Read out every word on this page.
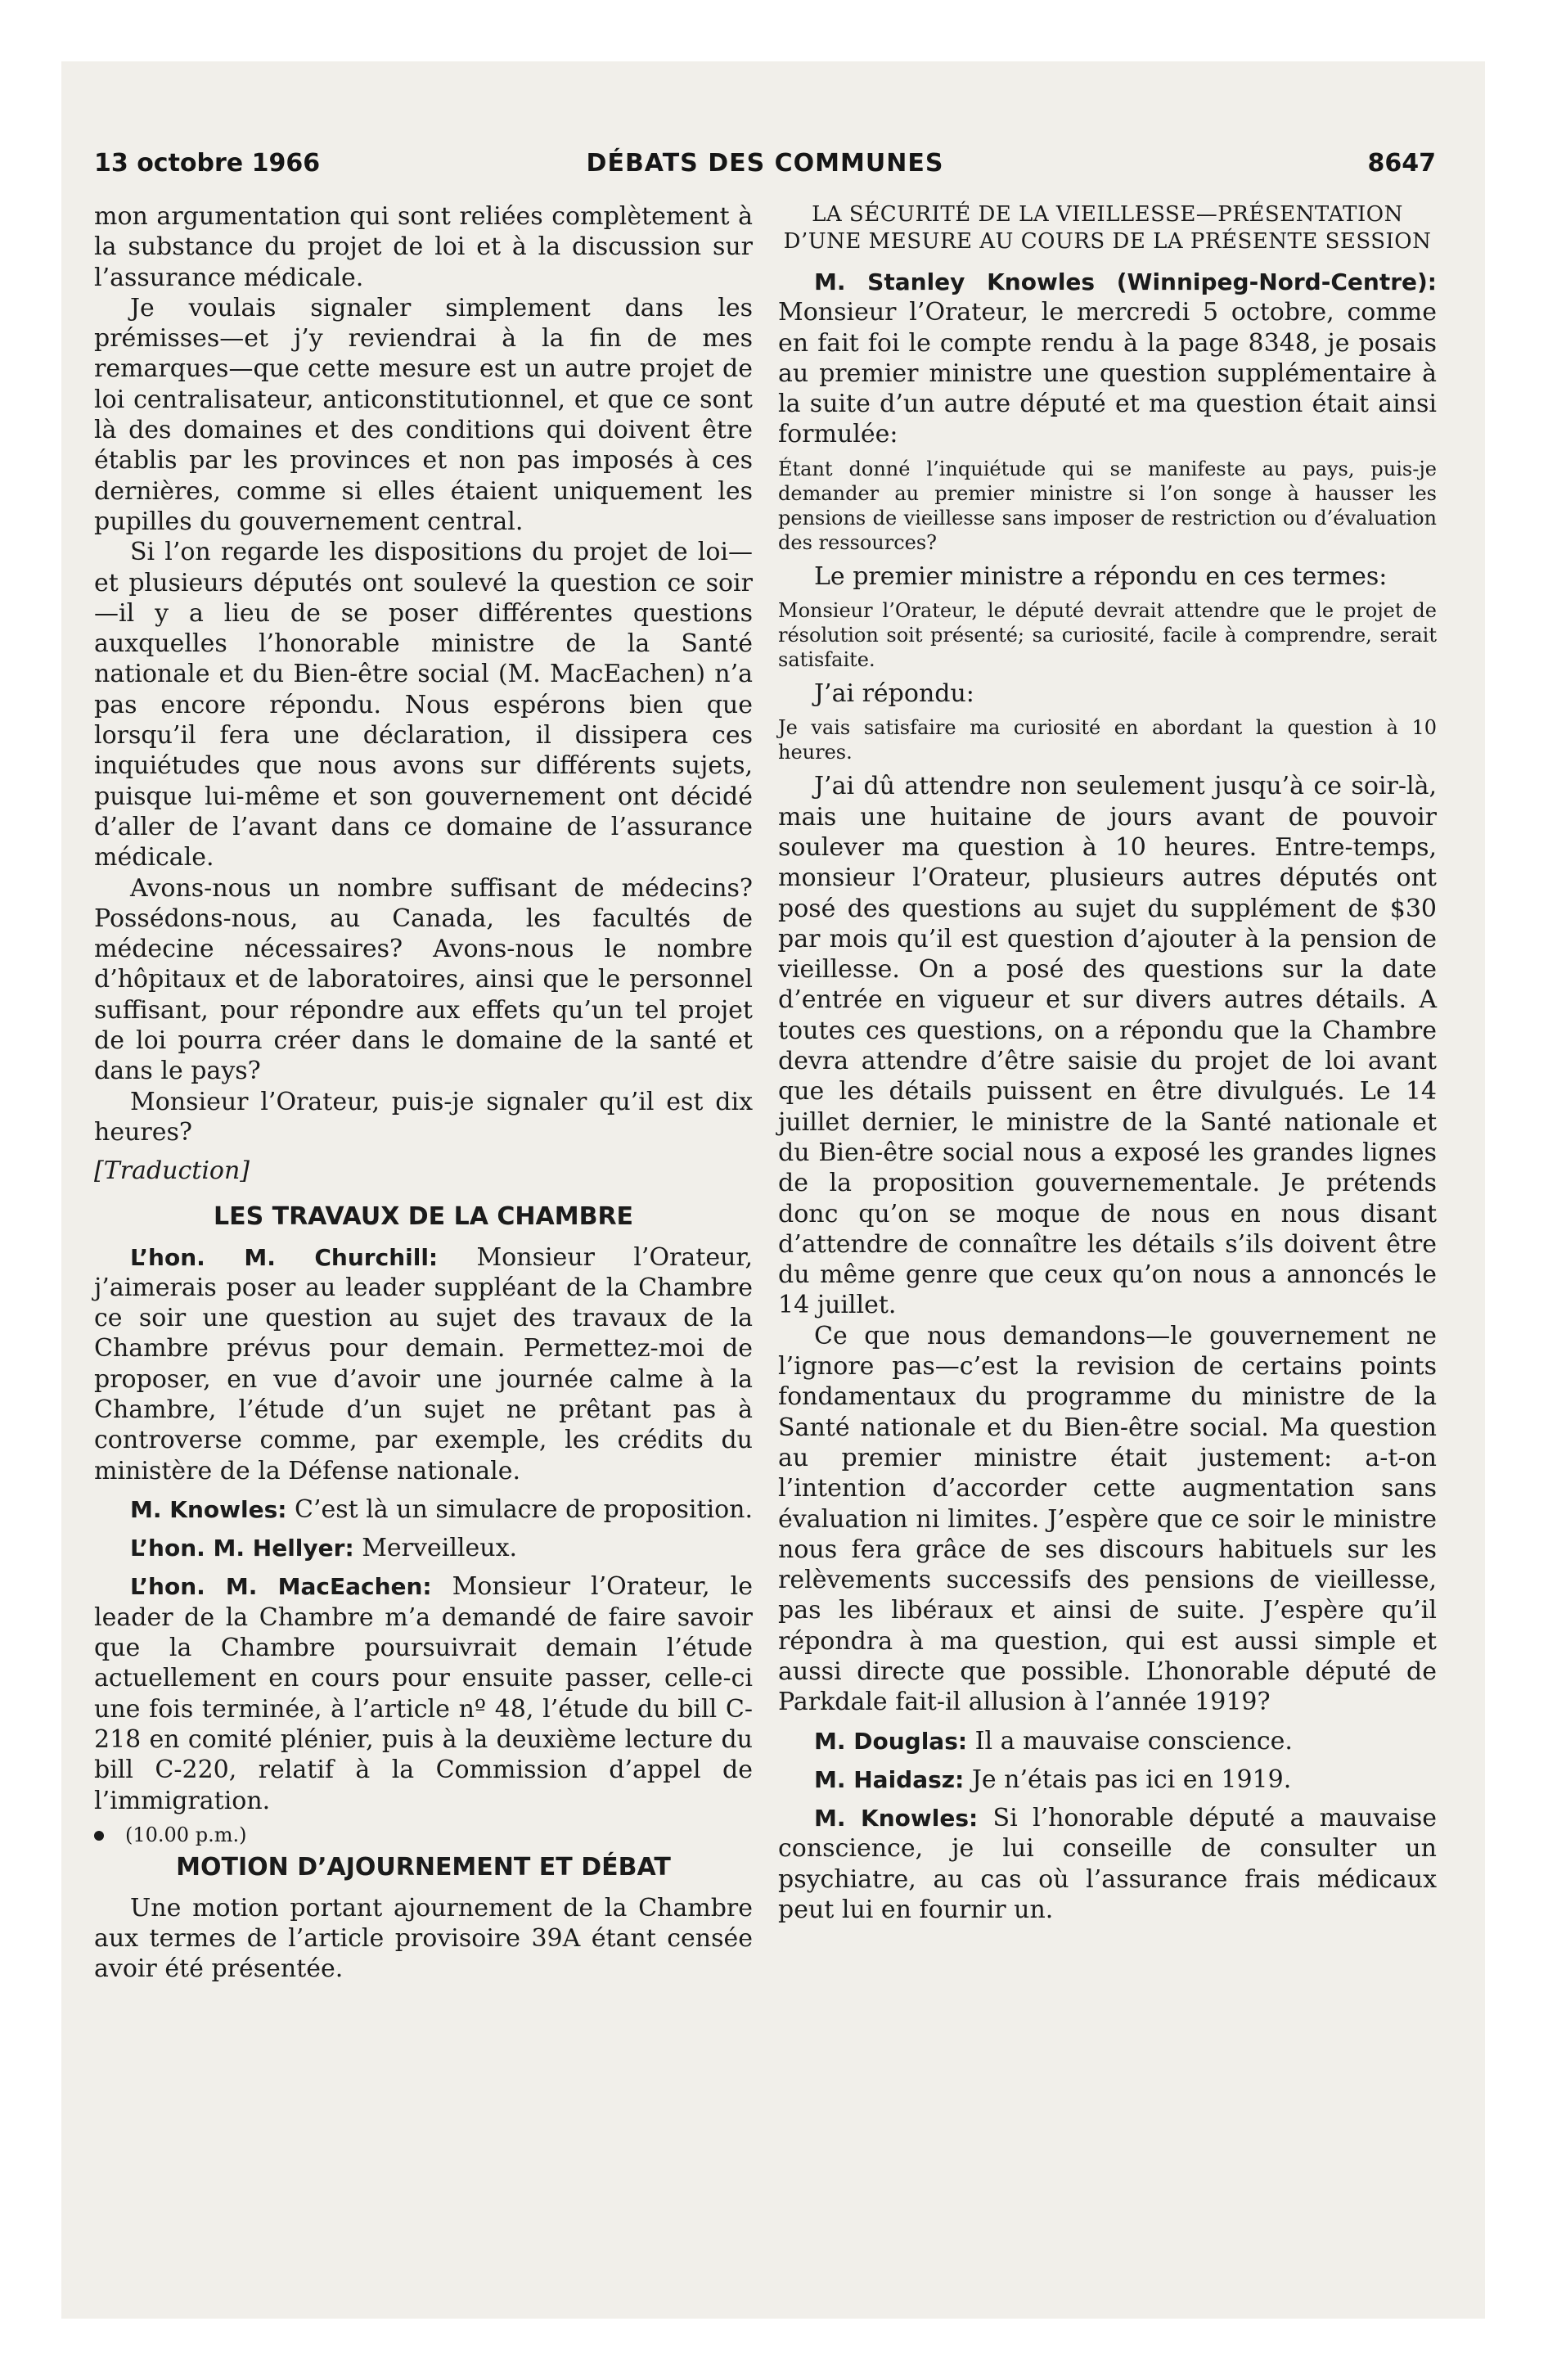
13 octobre 1966	DÉBATS DES COMMUNES	8647

mon argumentation qui sont reliées complètement à la substance du projet de loi et à la discussion sur l’assurance médicale.

Je voulais signaler simplement dans les prémisses—et j’y reviendrai à la fin de mes remarques—que cette mesure est un autre projet de loi centralisateur, anticonstitutionnel, et que ce sont là des domaines et des conditions qui doivent être établis par les provinces et non pas imposés à ces dernières, comme si elles étaient uniquement les pupilles du gouvernement central.

Si l’on regarde les dispositions du projet de loi—et plusieurs députés ont soulevé la question ce soir—il y a lieu de se poser différentes questions auxquelles l’honorable ministre de la Santé nationale et du Bien-être social (M. MacEachen) n’a pas encore répondu. Nous espérons bien que lorsqu’il fera une déclaration, il dissipera ces inquiétudes que nous avons sur différents sujets, puisque lui-même et son gouvernement ont décidé d’aller de l’avant dans ce domaine de l’assurance médicale.

Avons-nous un nombre suffisant de médecins? Possédons-nous, au Canada, les facultés de médecine nécessaires? Avons-nous le nombre d’hôpitaux et de laboratoires, ainsi que le personnel suffisant, pour répondre aux effets qu’un tel projet de loi pourra créer dans le domaine de la santé et dans le pays?

Monsieur l’Orateur, puis-je signaler qu’il est dix heures?

[Traduction]

LES TRAVAUX DE LA CHAMBRE

L’hon. M. Churchill: Monsieur l’Orateur, j’aimerais poser au leader suppléant de la Chambre ce soir une question au sujet des travaux de la Chambre prévus pour demain. Permettez-moi de proposer, en vue d’avoir une journée calme à la Chambre, l’étude d’un sujet ne prêtant pas à controverse comme, par exemple, les crédits du ministère de la Défense nationale.

M. Knowles: C’est là un simulacre de proposition.

L’hon. M. Hellyer: Merveilleux.

L’hon. M. MacEachen: Monsieur l’Orateur, le leader de la Chambre m’a demandé de faire savoir que la Chambre poursuivrait demain l’étude actuellement en cours pour ensuite passer, celle-ci une fois terminée, à l’article nº 48, l’étude du bill C-218 en comité plénier, puis à la deuxième lecture du bill C-220, relatif à la Commission d’appel de l’immigration.

(10.00 p.m.)
MOTION D’AJOURNEMENT ET DÉBAT

Une motion portant ajournement de la Chambre aux termes de l’article provisoire 39A étant censée avoir été présentée.

LA SÉCURITÉ DE LA VIEILLESSE—PRÉSENTATION D’UNE MESURE AU COURS DE LA PRÉSENTE SESSION

M. Stanley Knowles (Winnipeg-Nord-Centre): Monsieur l’Orateur, le mercredi 5 octobre, comme en fait foi le compte rendu à la page 8348, je posais au premier ministre une question supplémentaire à la suite d’un autre député et ma question était ainsi formulée:

Étant donné l’inquiétude qui se manifeste au pays, puis-je demander au premier ministre si l’on songe à hausser les pensions de vieillesse sans imposer de restriction ou d’évaluation des ressources?

Le premier ministre a répondu en ces termes:

Monsieur l’Orateur, le député devrait attendre que le projet de résolution soit présenté; sa curiosité, facile à comprendre, serait satisfaite.

J’ai répondu:

Je vais satisfaire ma curiosité en abordant la question à 10 heures.

J’ai dû attendre non seulement jusqu’à ce soir-là, mais une huitaine de jours avant de pouvoir soulever ma question à 10 heures. Entre-temps, monsieur l’Orateur, plusieurs autres députés ont posé des questions au sujet du supplément de $30 par mois qu’il est question d’ajouter à la pension de vieillesse. On a posé des questions sur la date d’entrée en vigueur et sur divers autres détails. A toutes ces questions, on a répondu que la Chambre devra attendre d’être saisie du projet de loi avant que les détails puissent en être divulgués. Le 14 juillet dernier, le ministre de la Santé nationale et du Bien-être social nous a exposé les grandes lignes de la proposition gouvernementale. Je prétends donc qu’on se moque de nous en nous disant d’attendre de connaître les détails s’ils doivent être du même genre que ceux qu’on nous a annoncés le 14 juillet.

Ce que nous demandons—le gouvernement ne l’ignore pas—c’est la revision de certains points fondamentaux du programme du ministre de la Santé nationale et du Bien-être social. Ma question au premier ministre était justement: a-t-on l’intention d’accorder cette augmentation sans évaluation ni limites. J’espère que ce soir le ministre nous fera grâce de ses discours habituels sur les relèvements successifs des pensions de vieillesse, pas les libéraux et ainsi de suite. J’espère qu’il répondra à ma question, qui est aussi simple et aussi directe que possible. L’honorable député de Parkdale fait-il allusion à l’année 1919?

M. Douglas: Il a mauvaise conscience.

M. Haidasz: Je n’étais pas ici en 1919.

M. Knowles: Si l’honorable député a mauvaise conscience, je lui conseille de consulter un psychiatre, au cas où l’assurance frais médicaux peut lui en fournir un.
